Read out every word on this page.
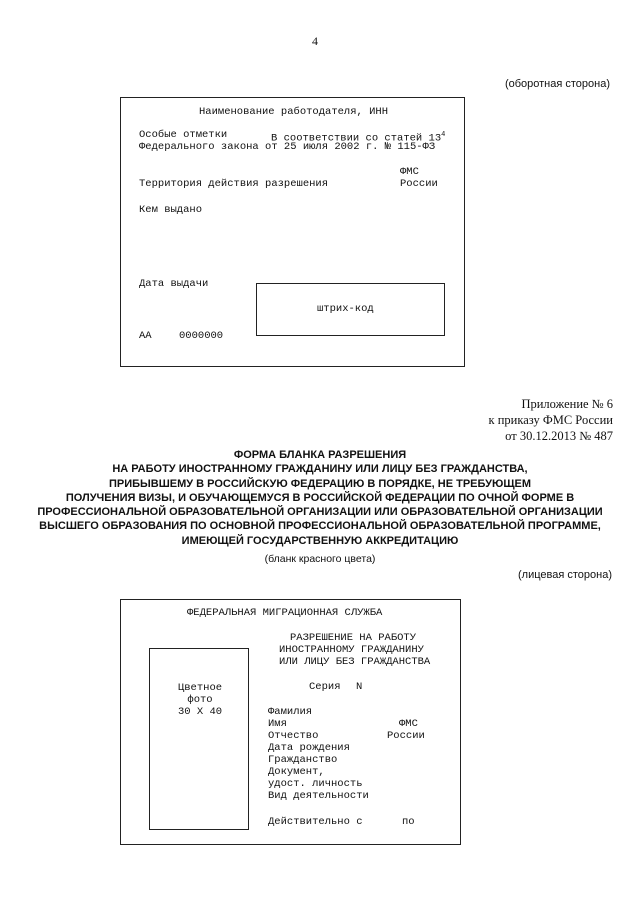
4
(оборотная сторона)
Наименование работодателя, ИНН
Особые отметки	В соответствии со статей $13^4$
Федерального закона от 25 июля 2002 г. № 115-ФЗ
ФМС
России
Территория действия разрешения
Кем выдано
Дата выдачи
штрих-код
АА	0000000
Приложение № 6
к приказу ФМС России
от 30.12.2013 № 487
ФОРМА БЛАНКА РАЗРЕШЕНИЯ
НА РАБОТУ ИНОСТРАННОМУ ГРАЖДАНИНУ ИЛИ ЛИЦУ БЕЗ ГРАЖДАНСТВА,
ПРИБЫВШЕМУ В РОССИЙСКУЮ ФЕДЕРАЦИЮ В ПОРЯДКЕ, НЕ ТРЕБУЮЩЕМ
ПОЛУЧЕНИЯ ВИЗЫ, И ОБУЧАЮЩЕМУСЯ В РОССИЙСКОЙ ФЕДЕРАЦИИ ПО ОЧНОЙ ФОРМЕ В
ПРОФЕССИОНАЛЬНОЙ ОБРАЗОВАТЕЛЬНОЙ ОРГАНИЗАЦИИ ИЛИ ОБРАЗОВАТЕЛЬНОЙ ОРГАНИЗАЦИИ
ВЫСШЕГО ОБРАЗОВАНИЯ ПО ОСНОВНОЙ ПРОФЕССИОНАЛЬНОЙ ОБРАЗОВАТЕЛЬНОЙ ПРОГРАММЕ,
ИМЕЮЩЕЙ ГОСУДАРСТВЕННУЮ АККРЕДИТАЦИЮ
(бланк красного цвета)
(лицевая сторона)
ФЕДЕРАЛЬНАЯ МИГРАЦИОННАЯ СЛУЖБА
РАЗРЕШЕНИЕ НА РАБОТУ
ИНОСТРАННОМУ ГРАЖДАНИНУ
ИЛИ ЛИЦУ БЕЗ ГРАЖДАНСТВА
Цветное
фото
30 X 40
Серия N
Фамилия
Имя
Отчество
Дата рождения
Гражданство
Документ,
удост. личность
Вид деятельности
ФМС
России
Действительно с	по
